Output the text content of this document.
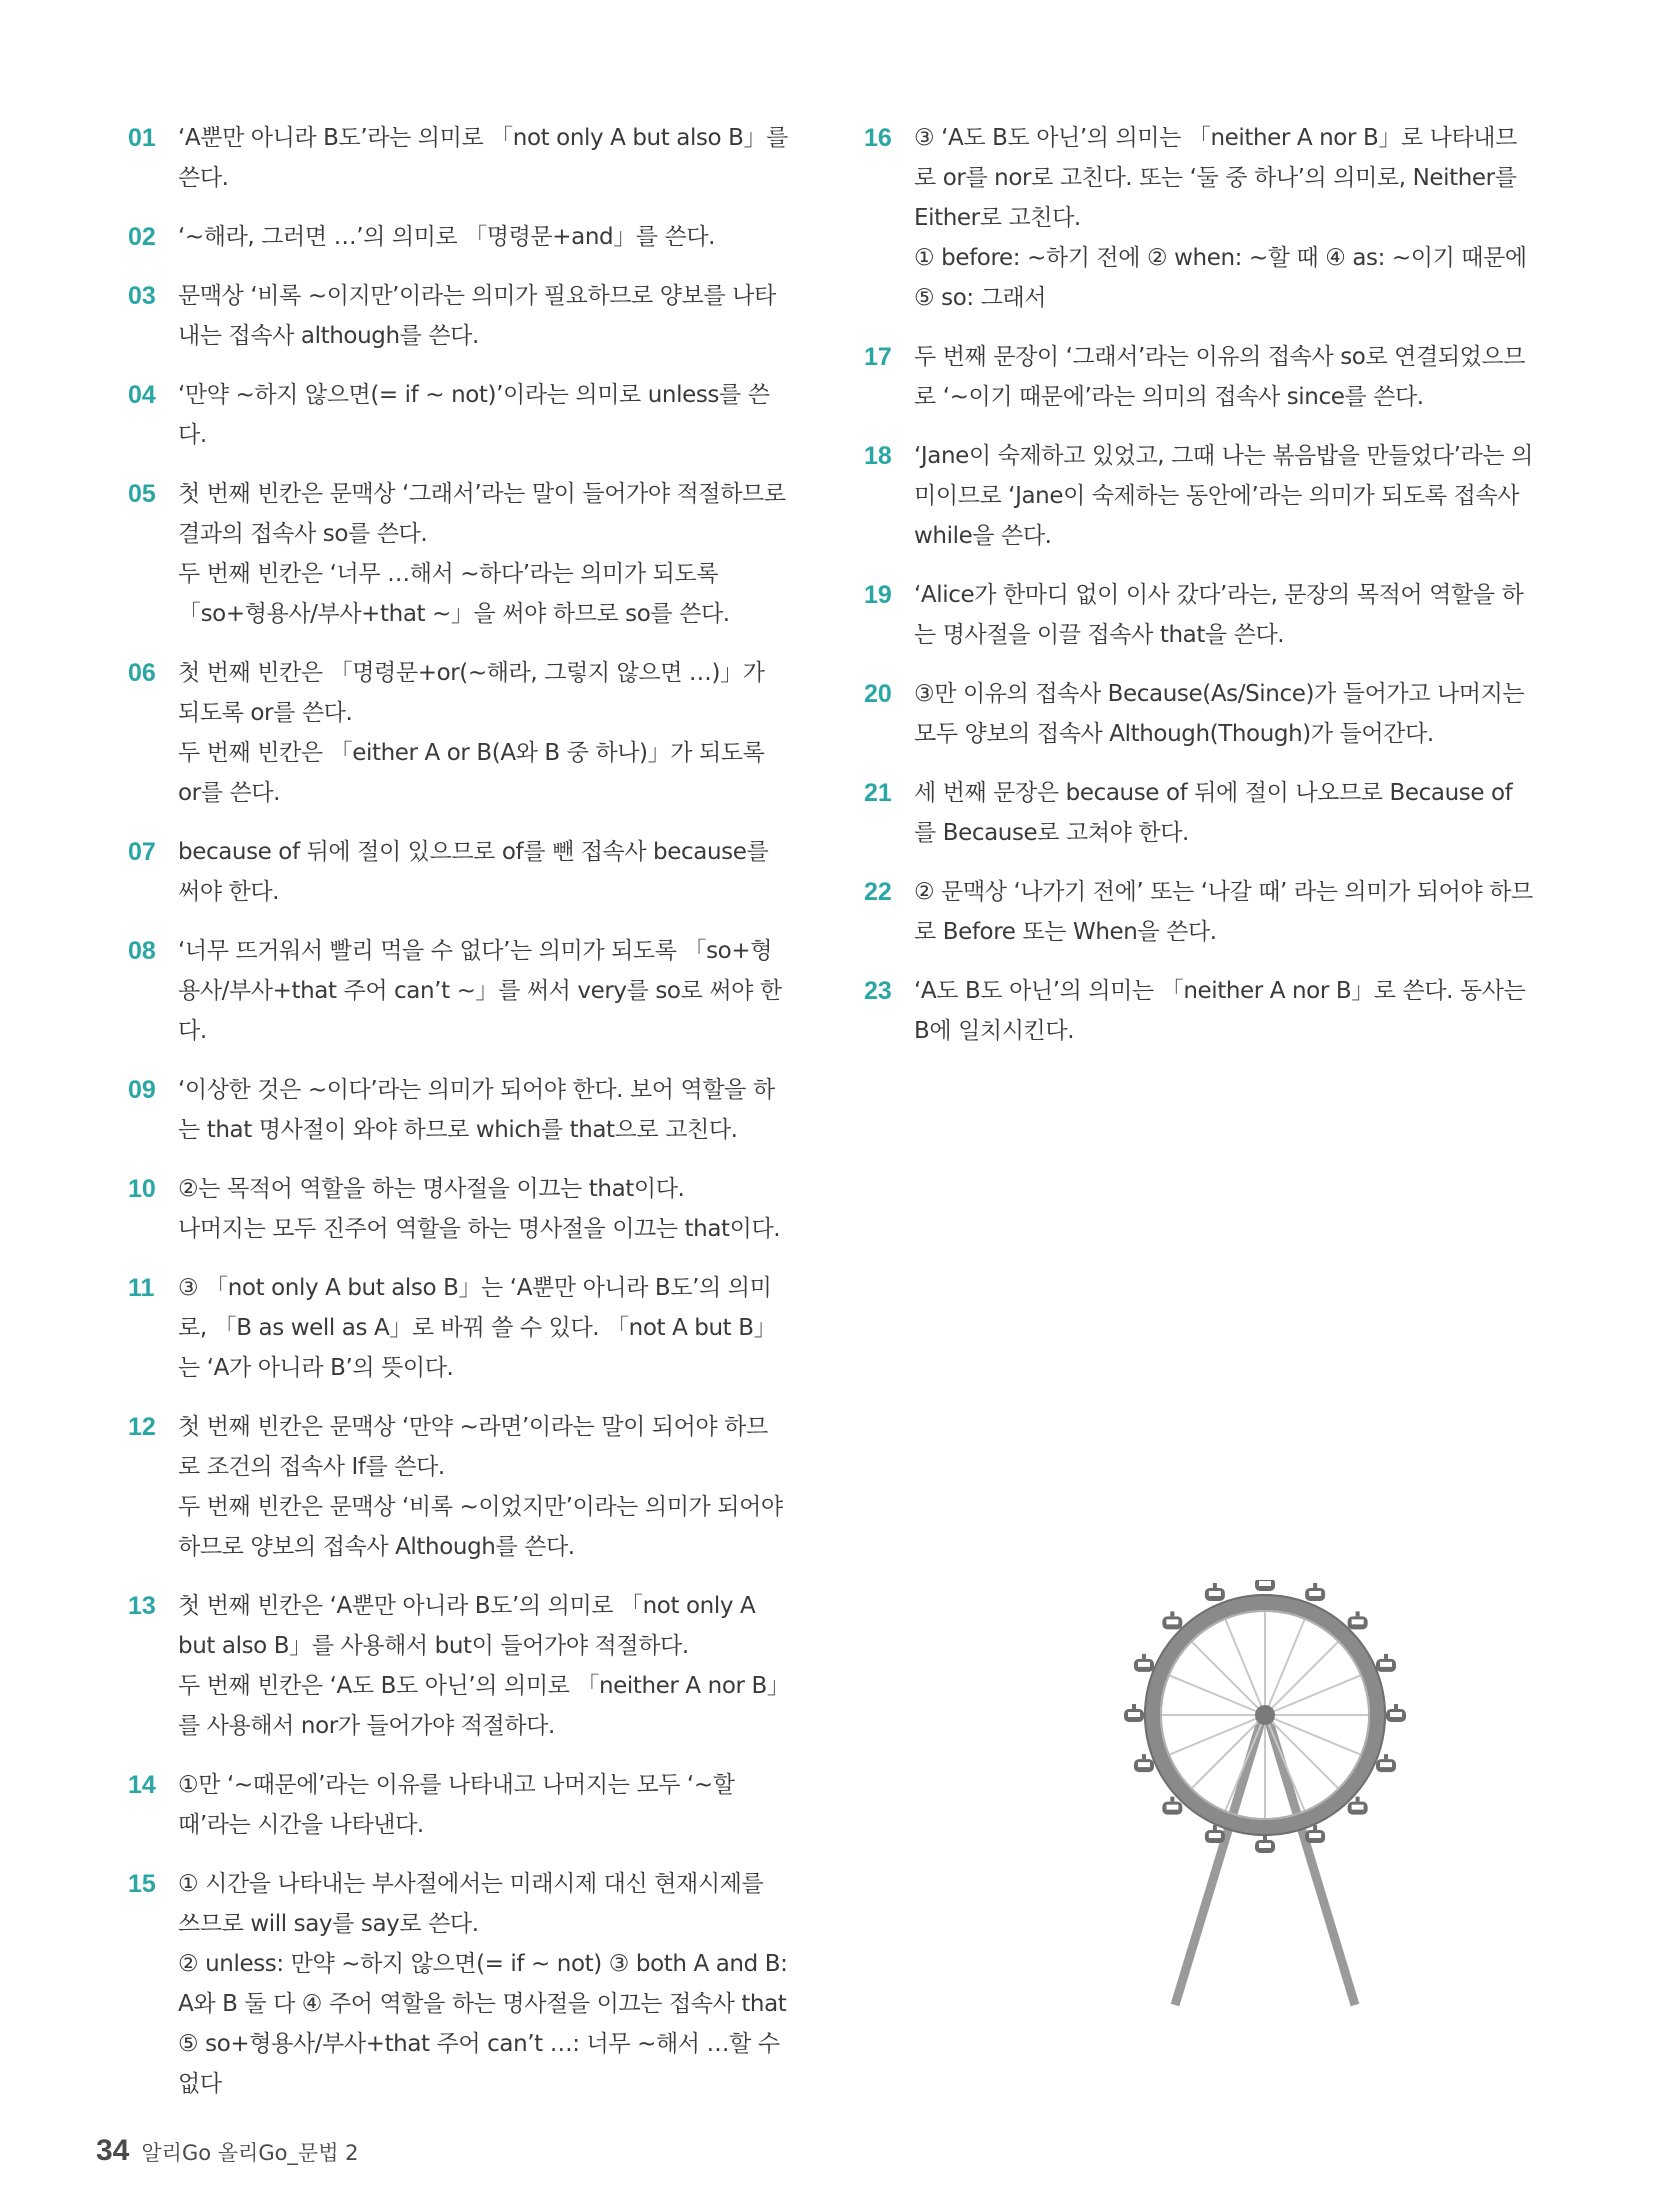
01 ‘A뿐만 아니라 B도’라는 의미로 「not only A but also B」를 쓴다.

02 ‘~해라, 그러면 …’의 의미로 「명령문+and」를 쓴다.

03 문맥상 ‘비록 ~이지만’이라는 의미가 필요하므로 양보를 나타내는 접속사 although를 쓴다.

04 ‘만약 ~하지 않으면(= if ~ not)’이라는 의미로 unless를 쓴다.

05 첫 번째 빈칸은 문맥상 ‘그래서’라는 말이 들어가야 적절하므로 결과의 접속사 so를 쓴다.

두 번째 빈칸은 ‘너무 …해서 ~하다’라는 의미가 되도록 「so+형용사/부사+that ~」을 써야 하므로 so를 쓴다.

06 첫 번째 빈칸은 「명령문+or(~해라, 그렇지 않으면 …)」가 되도록 or를 쓴다.

두 번째 빈칸은 「either A or B(A와 B 중 하나)」가 되도록 or를 쓴다.

07 because of 뒤에 절이 있으므로 of를 뺀 접속사 because를 써야 한다.

08 ‘너무 뜨거워서 빨리 먹을 수 없다’는 의미가 되도록 「so+형용사/부사+that 주어 can’t ~」를 써서 very를 so로 써야 한다.

09 ‘이상한 것은 ~이다’라는 의미가 되어야 한다. 보어 역할을 하는 that 명사절이 와야 하므로 which를 that으로 고친다.

10 ②는 목적어 역할을 하는 명사절을 이끄는 that이다.

나머지는 모두 진주어 역할을 하는 명사절을 이끄는 that이다.

11	③ 「not only A but also B」는 ‘A뿐만 아니라 B도’의 의미로, 「B as well as A」로 바꿔 쓸 수 있다. 「not A but B」는 ‘A가 아니라 B’의 뜻이다.

12 첫 번째 빈칸은 문맥상 ‘만약 ~라면’이라는 말이 되어야 하므로 조건의 접속사 If를 쓴다.

두 번째 빈칸은 문맥상 ‘비록 ~이었지만’이라는 의미가 되어야 하므로 양보의 접속사 Although를 쓴다.

13 첫 번째 빈칸은 ‘A뿐만 아니라 B도’의 의미로 「not only A but also B」를 사용해서 but이 들어가야 적절하다.

두 번째 빈칸은 ‘A도 B도 아닌’의 의미로 「neither A nor B」를 사용해서 nor가 들어가야 적절하다.

14 ①만 ‘~때문에’라는 이유를 나타내고 나머지는 모두 ‘~할 때’라는 시간을 나타낸다.

15 ① 시간을 나타내는 부사절에서는 미래시제 대신 현재시제를 쓰므로 will say를 say로 쓴다.

② unless: 만약 ~하지 않으면(= if ~ not) ③ both A and B: A와 B 둘 다 ④ 주어 역할을 하는 명사절을 이끄는 접속사 that ⑤ so+형용사/부사+that 주어 can’t …: 너무 ~해서 …할 수 없다

16 ③ ‘A도 B도 아닌’의 의미는 「neither A nor B」로 나타내므로 or를 nor로 고친다. 또는 ‘둘 중 하나’의 의미로, Neither를 Either로 고친다.

① before: ~하기 전에 ② when: ~할 때 ④ as: ~이기 때문에 ⑤ so: 그래서

17 두 번째 문장이 ‘그래서’라는 이유의 접속사 so로 연결되었으므로 ‘~이기 때문에’라는 의미의 접속사 since를 쓴다.

18 ‘Jane이 숙제하고 있었고, 그때 나는 볶음밥을 만들었다’라는 의미이므로 ‘Jane이 숙제하는 동안에’라는 의미가 되도록 접속사 while을 쓴다.

19 ‘Alice가 한마디 없이 이사 갔다’라는, 문장의 목적어 역할을 하는 명사절을 이끌 접속사 that을 쓴다.

20 ③만 이유의 접속사 Because(As/Since)가 들어가고 나머지는 모두 양보의 접속사 Although(Though)가 들어간다.

21 세 번째 문장은 because of 뒤에 절이 나오므로 Because of를 Because로 고쳐야 한다.

22 ② 문맥상 ‘나가기 전에’ 또는 ‘나갈 때’ 라는 의미가 되어야 하므로 Before 또는 When을 쓴다.

23 ‘A도 B도 아닌’의 의미는 「neither A nor B」로 쓴다. 동사는 B에 일치시킨다.

34 알리Go 올리Go_문법 2
